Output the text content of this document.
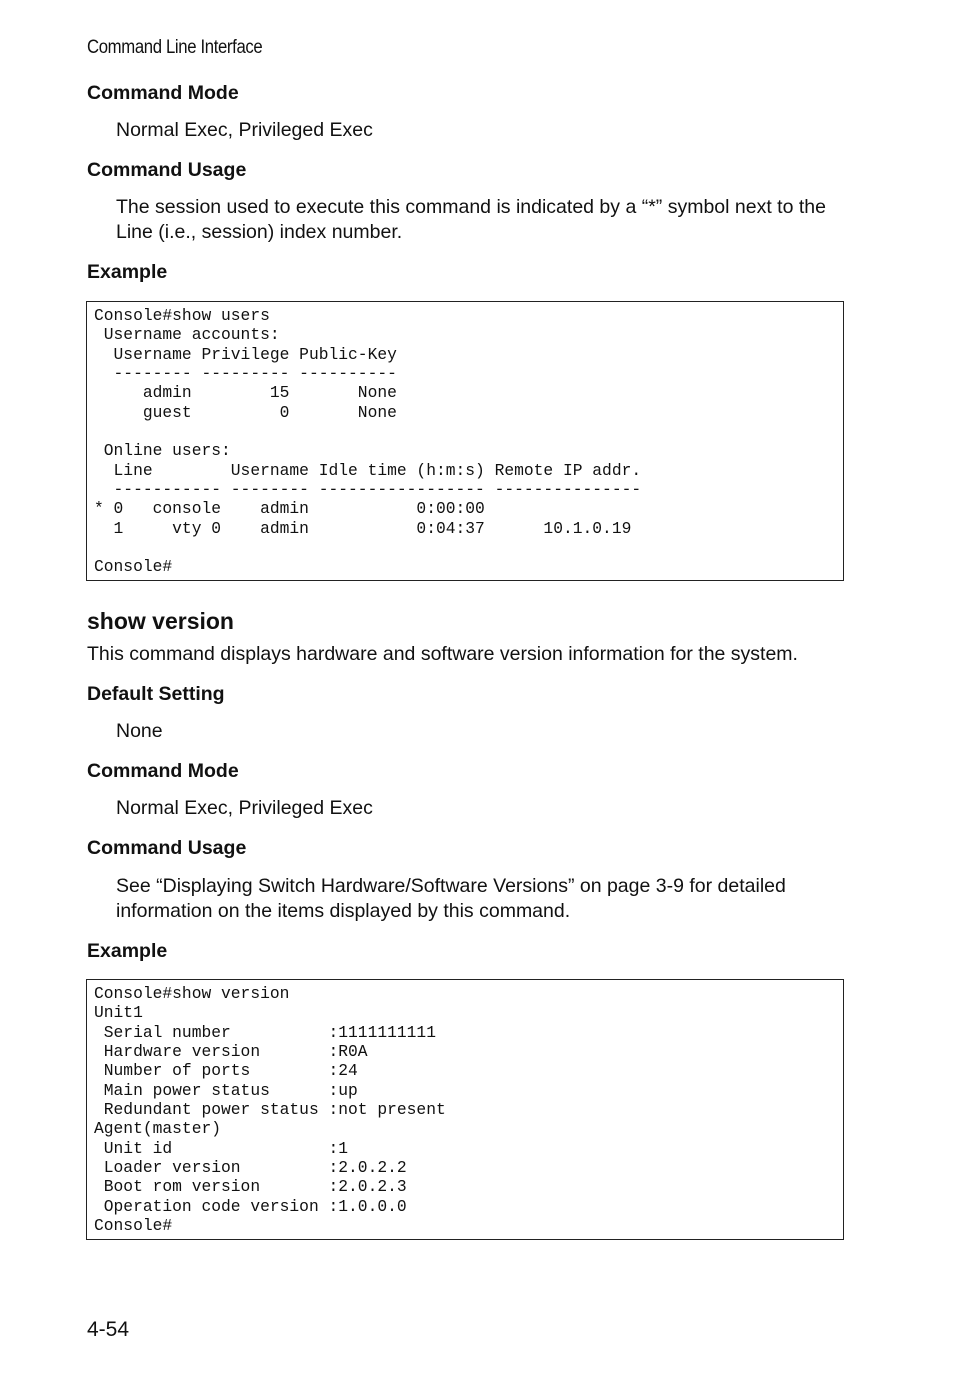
Command Line Interface
Command Mode
Normal Exec, Privileged Exec
Command Usage
The session used to execute this command is indicated by a “*” symbol next to the Line (i.e., session) index number.
Example
Console#show users
Username accounts:
Username Privilege Public-Key
-------- --------- ----------
admin        15       None
guest         0       None

Online users:
Line        Username Idle time (h:m:s) Remote IP addr.
----------- -------- ----------------- ---------------
* 0   console    admin           0:00:00
1     vty 0    admin           0:04:37      10.1.0.19

Console#
show version
This command displays hardware and software version information for the system.
Default Setting
None
Command Mode
Normal Exec, Privileged Exec
Command Usage
See “Displaying Switch Hardware/Software Versions” on page 3-9 for detailed information on the items displayed by this command.
Example
Console#show version
Unit1
Serial number          :1111111111
Hardware version       :R0A
Number of ports        :24
Main power status      :up
Redundant power status :not present
Agent(master)
Unit id                :1
Loader version         :2.0.2.2
Boot rom version       :2.0.2.3
Operation code version :1.0.0.0
Console#
4-54
